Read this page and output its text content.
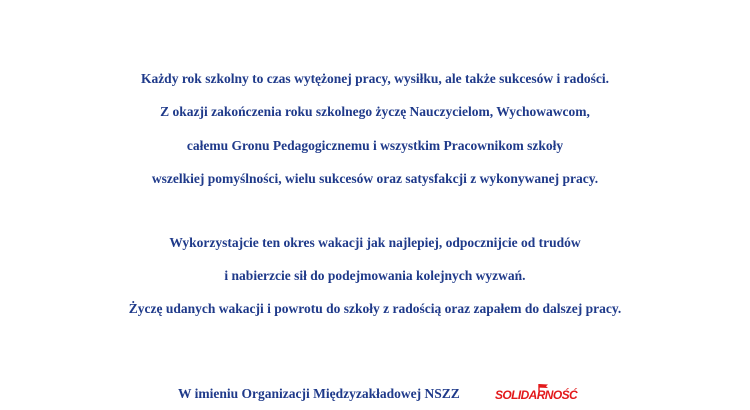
Każdy rok szkolny to czas wytężonej pracy, wysiłku, ale także sukcesów i radości.
Z okazji zakończenia roku szkolnego życzę Nauczycielom, Wychowawcom,
całemu Gronu Pedagogicznemu i wszystkim Pracownikom szkoły
wszelkiej pomyślności, wielu sukcesów oraz satysfakcji z wykonywanej pracy.
Wykorzystajcie ten okres wakacji jak najlepiej, odpocznijcie od trudów
i nabierzcie sił do podejmowania kolejnych wyzwań.
Życzę udanych wakacji i powrotu do szkoły z radością oraz zapałem do dalszej pracy.
W imieniu Organizacji Międzyzakładowej NSZZ	SOLIDARNOŚĆ
